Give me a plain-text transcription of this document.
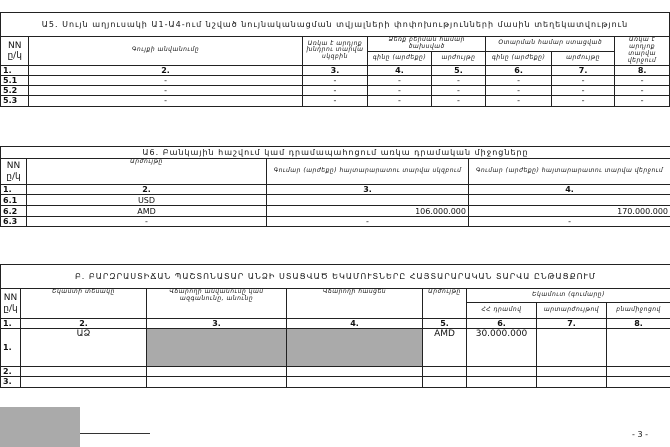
Ա5. Սույն աղյուսակի Ա1-Ա4-ում նշված նույնականացման տվյալների փոփոխությունների մասին տեղեկատվություն							
NN ը/կ	Գույքի անվանումը	Առկա է արդյոք խնդրու տարվա սկզբին	Ձեռք բերման համար ծախսված		Օտարման համար ստացված		Առկա է արդյոք տարվա վերջում
			գինը (արժեքը)	արժույթը	գինը (արժեքը)	արժույթը	
1.	2.	3.	4.	5.	6.	7.	8.
5.1	-	-	-	-	-	-	-
5.2	-	-	-	-	-	-	-
5.3	-	-	-	-	-	-	-
Ա6. Բանկային հաշվում կամ դրամապահոցում առկա դրամական միջոցները			
NN ը/կ	Արժույթը	Գումար (արժեքը) հայտարարատու տարվա սկզբում	Գումար (արժեքը) հայտարարատու տարվա վերջում
1.	2.	3.	4.
6.1	USD		
6.2	AMD	106.000.000	170.000.000
6.3	-	-	-
Բ. ԲԱՐԶՐԱՍՏԻՃԱՆ ՊԱՇՏՈՆԱՏԱՐ ԱՆՁԻ ՍՏԱՑՎԱԾ ԵԿԱՄՈՒՏՆԵՐԸ ՀԱՅՏԱՐԱՐԱԿԱՆ ՏԱՐՎԱ ԸՆԹԱՑՔՈՒՄ							
NN ը/կ	Եկամտի տեսակը	Վճարողի անվանումը կամ ազգանունը, անունը	Վճարողի հասցեն	Արժույթը	Եկամուտ (գումարը)		
					ՀՀ դրամով	արտարժույթով	բնամիջոցով
1.	2.	3.	4.	5.	6.	7.	8.
1.	ԱՁ			AMD	30.000.000		
2.							
3.							
- 3 -
